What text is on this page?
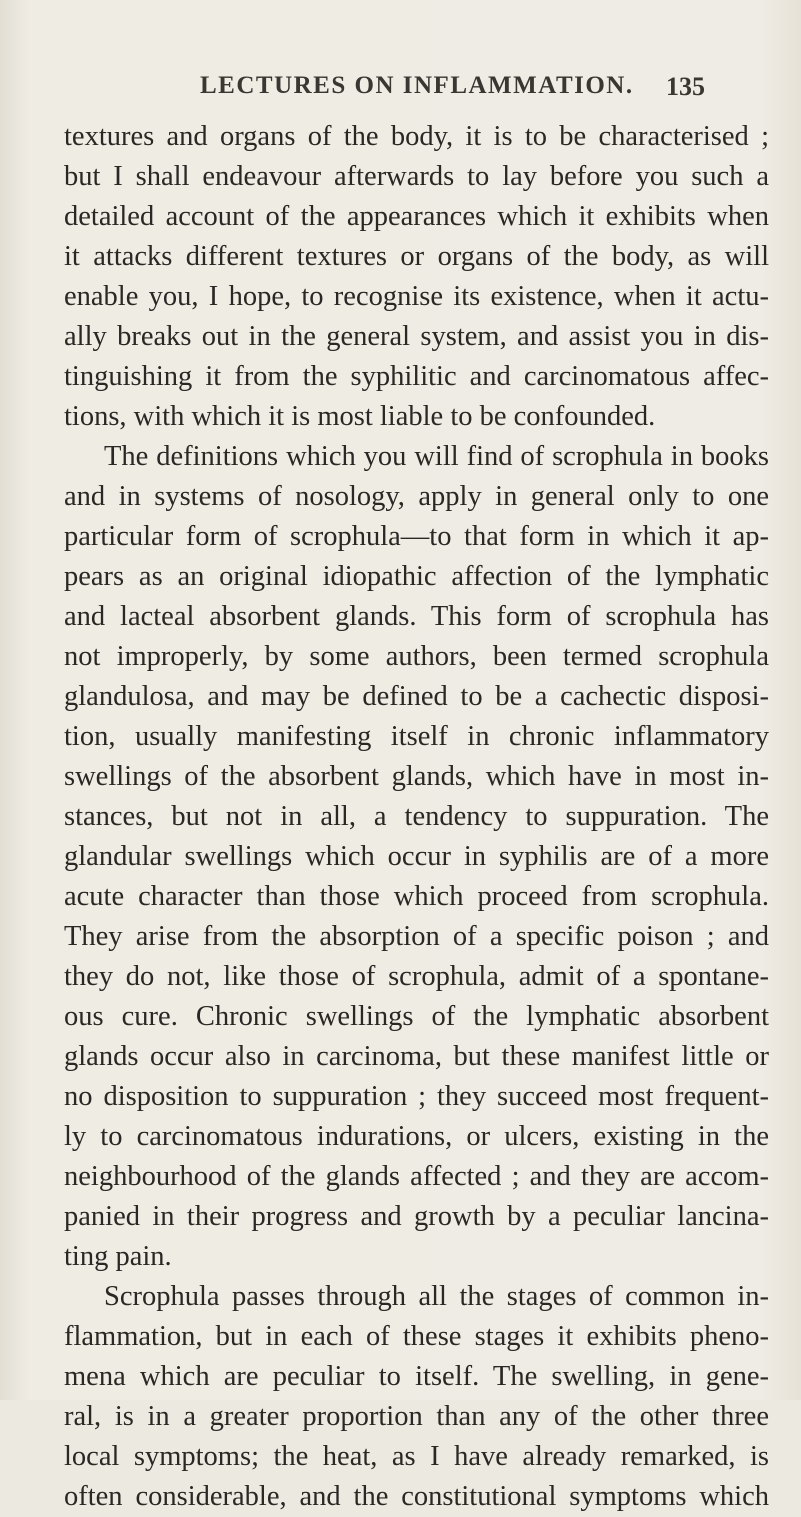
LECTURES ON INFLAMMATION. 135
textures and organs of the body, it is to be characterised ;
but I shall endeavour afterwards to lay before you such a
detailed account of the appearances which it exhibits when
it attacks different textures or organs of the body, as will
enable you, I hope, to recognise its existence, when it actu-
ally breaks out in the general system, and assist you in dis-
tinguishing it from the syphilitic and carcinomatous affec-
tions, with which it is most liable to be confounded.
The definitions which you will find of scrophula in books
and in systems of nosology, apply in general only to one
particular form of scrophula—to that form in which it ap-
pears as an original idiopathic affection of the lymphatic
and lacteal absorbent glands. This form of scrophula has
not improperly, by some authors, been termed scrophula
glandulosa, and may be defined to be a cachectic disposi-
tion, usually manifesting itself in chronic inflammatory
swellings of the absorbent glands, which have in most in-
stances, but not in all, a tendency to suppuration. The
glandular swellings which occur in syphilis are of a more
acute character than those which proceed from scrophula.
They arise from the absorption of a specific poison ; and
they do not, like those of scrophula, admit of a spontane-
ous cure. Chronic swellings of the lymphatic absorbent
glands occur also in carcinoma, but these manifest little or
no disposition to suppuration ; they succeed most frequent-
ly to carcinomatous indurations, or ulcers, existing in the
neighbourhood of the glands affected ; and they are accom-
panied in their progress and growth by a peculiar lancina-
ting pain.
Scrophula passes through all the stages of common in-
flammation, but in each of these stages it exhibits pheno-
mena which are peculiar to itself. The swelling, in gene-
ral, is in a greater proportion than any of the other three
local symptoms; the heat, as I have already remarked, is
often considerable, and the constitutional symptoms which
